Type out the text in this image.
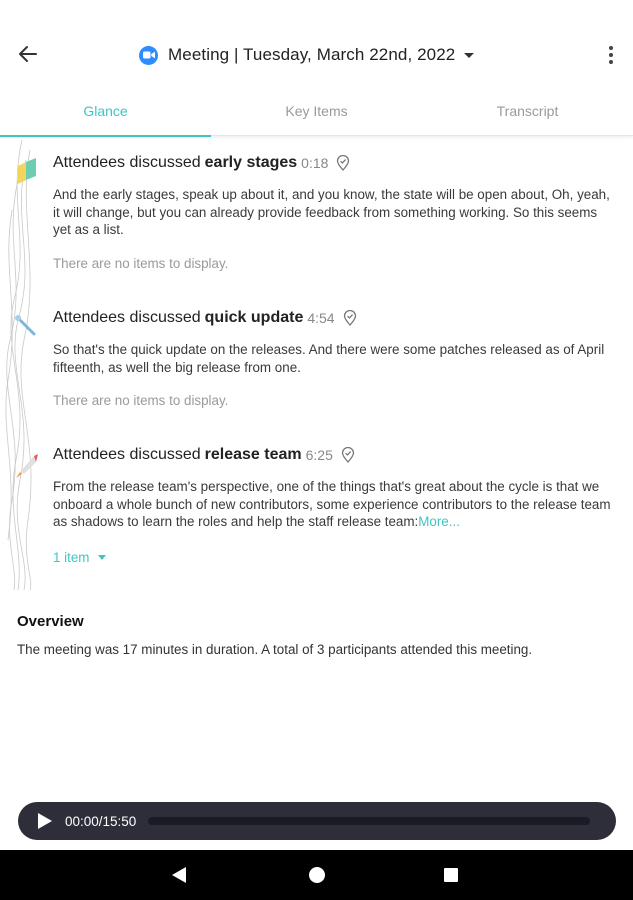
Meeting | Tuesday, March 22nd, 2022
Glance	Key Items	Transcript
Attendees discussed early stages 0:18
And the early stages, speak up about it, and you know, the state will be open about, Oh, yeah, it will change, but you can already provide feedback from something working. So this seems yet as a list.
There are no items to display.
Attendees discussed quick update 4:54
So that's the quick update on the releases. And there were some patches released as of April fifteenth, as well the big release from one.
There are no items to display.
Attendees discussed release team 6:25
From the release team's perspective, one of the things that's great about the cycle is that we onboard a whole bunch of new contributors, some experience contributors to the release team as shadows to learn the roles and help the staff release team:More...
1 item
Overview
The meeting was 17 minutes in duration. A total of 3 participants attended this meeting.
00:00/15:50
